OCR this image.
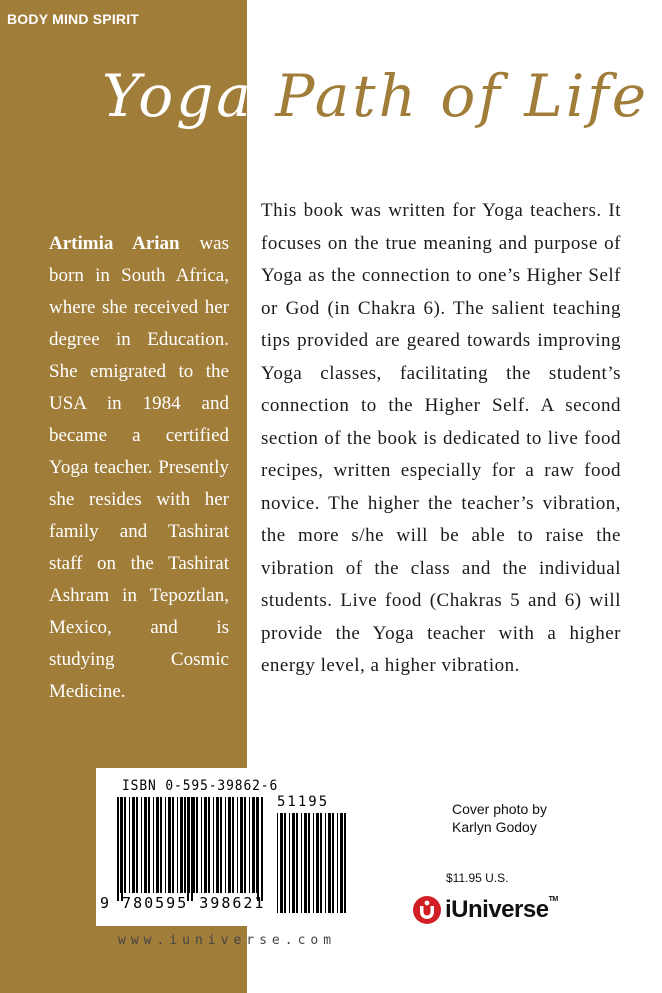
BODY MIND SPIRIT
Yoga Path of Life
Artimia Arian was born in South Africa, where she received her degree in Education. She emigrated to the USA in 1984 and became a certified Yoga teacher. Presently she resides with her family and Tashirat staff on the Tashirat Ashram in Tepoztlan, Mexico, and is studying Cosmic Medicine.
This book was written for Yoga teachers. It focuses on the true meaning and purpose of Yoga as the connection to one’s Higher Self or God (in Chakra 6). The salient teaching tips provided are geared towards improving Yoga classes, facilitating the student’s connection to the Higher Self. A second section of the book is dedicated to live food recipes, written especially for a raw food novice. The higher the teacher’s vibration, the more s/he will be able to raise the vibration of the class and the individual students. Live food (Chakras 5 and 6) will provide the Yoga teacher with a higher energy level, a higher vibration.
ISBN 0-595-39862-6
51195
9 780595 398621
www.iuniverse.com
Cover photo by
Karlyn Godoy
$11.95 U.S.
iUniverse™
